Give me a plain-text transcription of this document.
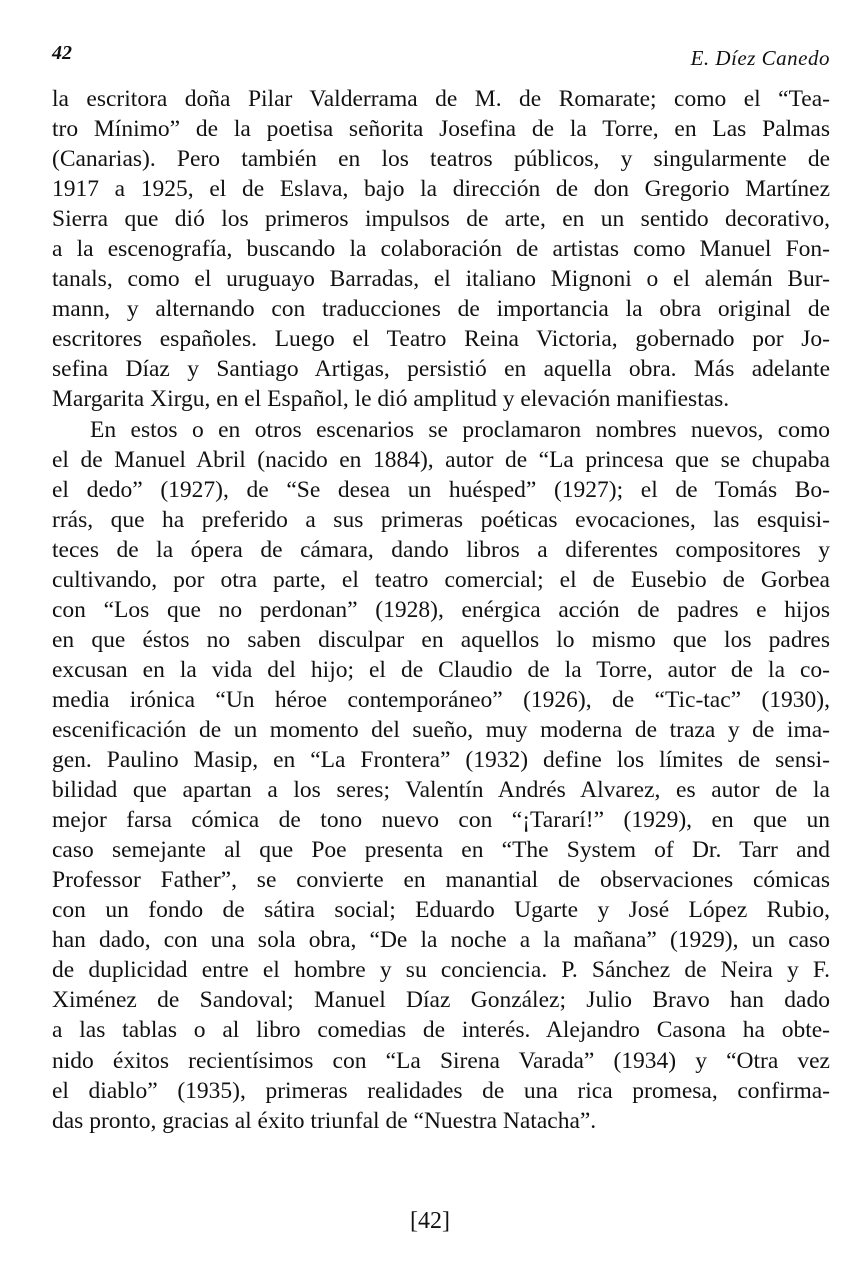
42	E. Díez Canedo
la escritora doña Pilar Valderrama de M. de Romarate; como el “Tea-
tro Mínimo” de la poetisa señorita Josefina de la Torre, en Las Palmas
(Canarias). Pero también en los teatros públicos, y singularmente de
1917 a 1925, el de Eslava, bajo la dirección de don Gregorio Martínez
Sierra que dió los primeros impulsos de arte, en un sentido decorativo,
a la escenografía, buscando la colaboración de artistas como Manuel Fon-
tanals, como el uruguayo Barradas, el italiano Mignoni o el alemán Bur-
mann, y alternando con traducciones de importancia la obra original de
escritores españoles. Luego el Teatro Reina Victoria, gobernado por Jo-
sefina Díaz y Santiago Artigas, persistió en aquella obra. Más adelante
Margarita Xirgu, en el Español, le dió amplitud y elevación manifiestas.
En estos o en otros escenarios se proclamaron nombres nuevos, como
el de Manuel Abril (nacido en 1884), autor de “La princesa que se chupaba
el dedo” (1927), de “Se desea un huésped” (1927); el de Tomás Bo-
rrás, que ha preferido a sus primeras poéticas evocaciones, las esquisi-
teces de la ópera de cámara, dando libros a diferentes compositores y
cultivando, por otra parte, el teatro comercial; el de Eusebio de Gorbea
con “Los que no perdonan” (1928), enérgica acción de padres e hijos
en que éstos no saben disculpar en aquellos lo mismo que los padres
excusan en la vida del hijo; el de Claudio de la Torre, autor de la co-
media irónica “Un héroe contemporáneo” (1926), de “Tic-tac” (1930),
escenificación de un momento del sueño, muy moderna de traza y de ima-
gen. Paulino Masip, en “La Frontera” (1932) define los límites de sensi-
bilidad que apartan a los seres; Valentín Andrés Alvarez, es autor de la
mejor farsa cómica de tono nuevo con “¡Tararí!” (1929), en que un
caso semejante al que Poe presenta en “The System of Dr. Tarr and
Professor Father”, se convierte en manantial de observaciones cómicas
con un fondo de sátira social; Eduardo Ugarte y José López Rubio,
han dado, con una sola obra, “De la noche a la mañana” (1929), un caso
de duplicidad entre el hombre y su conciencia. P. Sánchez de Neira y F.
Ximénez de Sandoval; Manuel Díaz González; Julio Bravo han dado
a las tablas o al libro comedias de interés. Alejandro Casona ha obte-
nido éxitos recientísimos con “La Sirena Varada” (1934) y “Otra vez
el diablo” (1935), primeras realidades de una rica promesa, confirma-
das pronto, gracias al éxito triunfal de “Nuestra Natacha”.
[42]
